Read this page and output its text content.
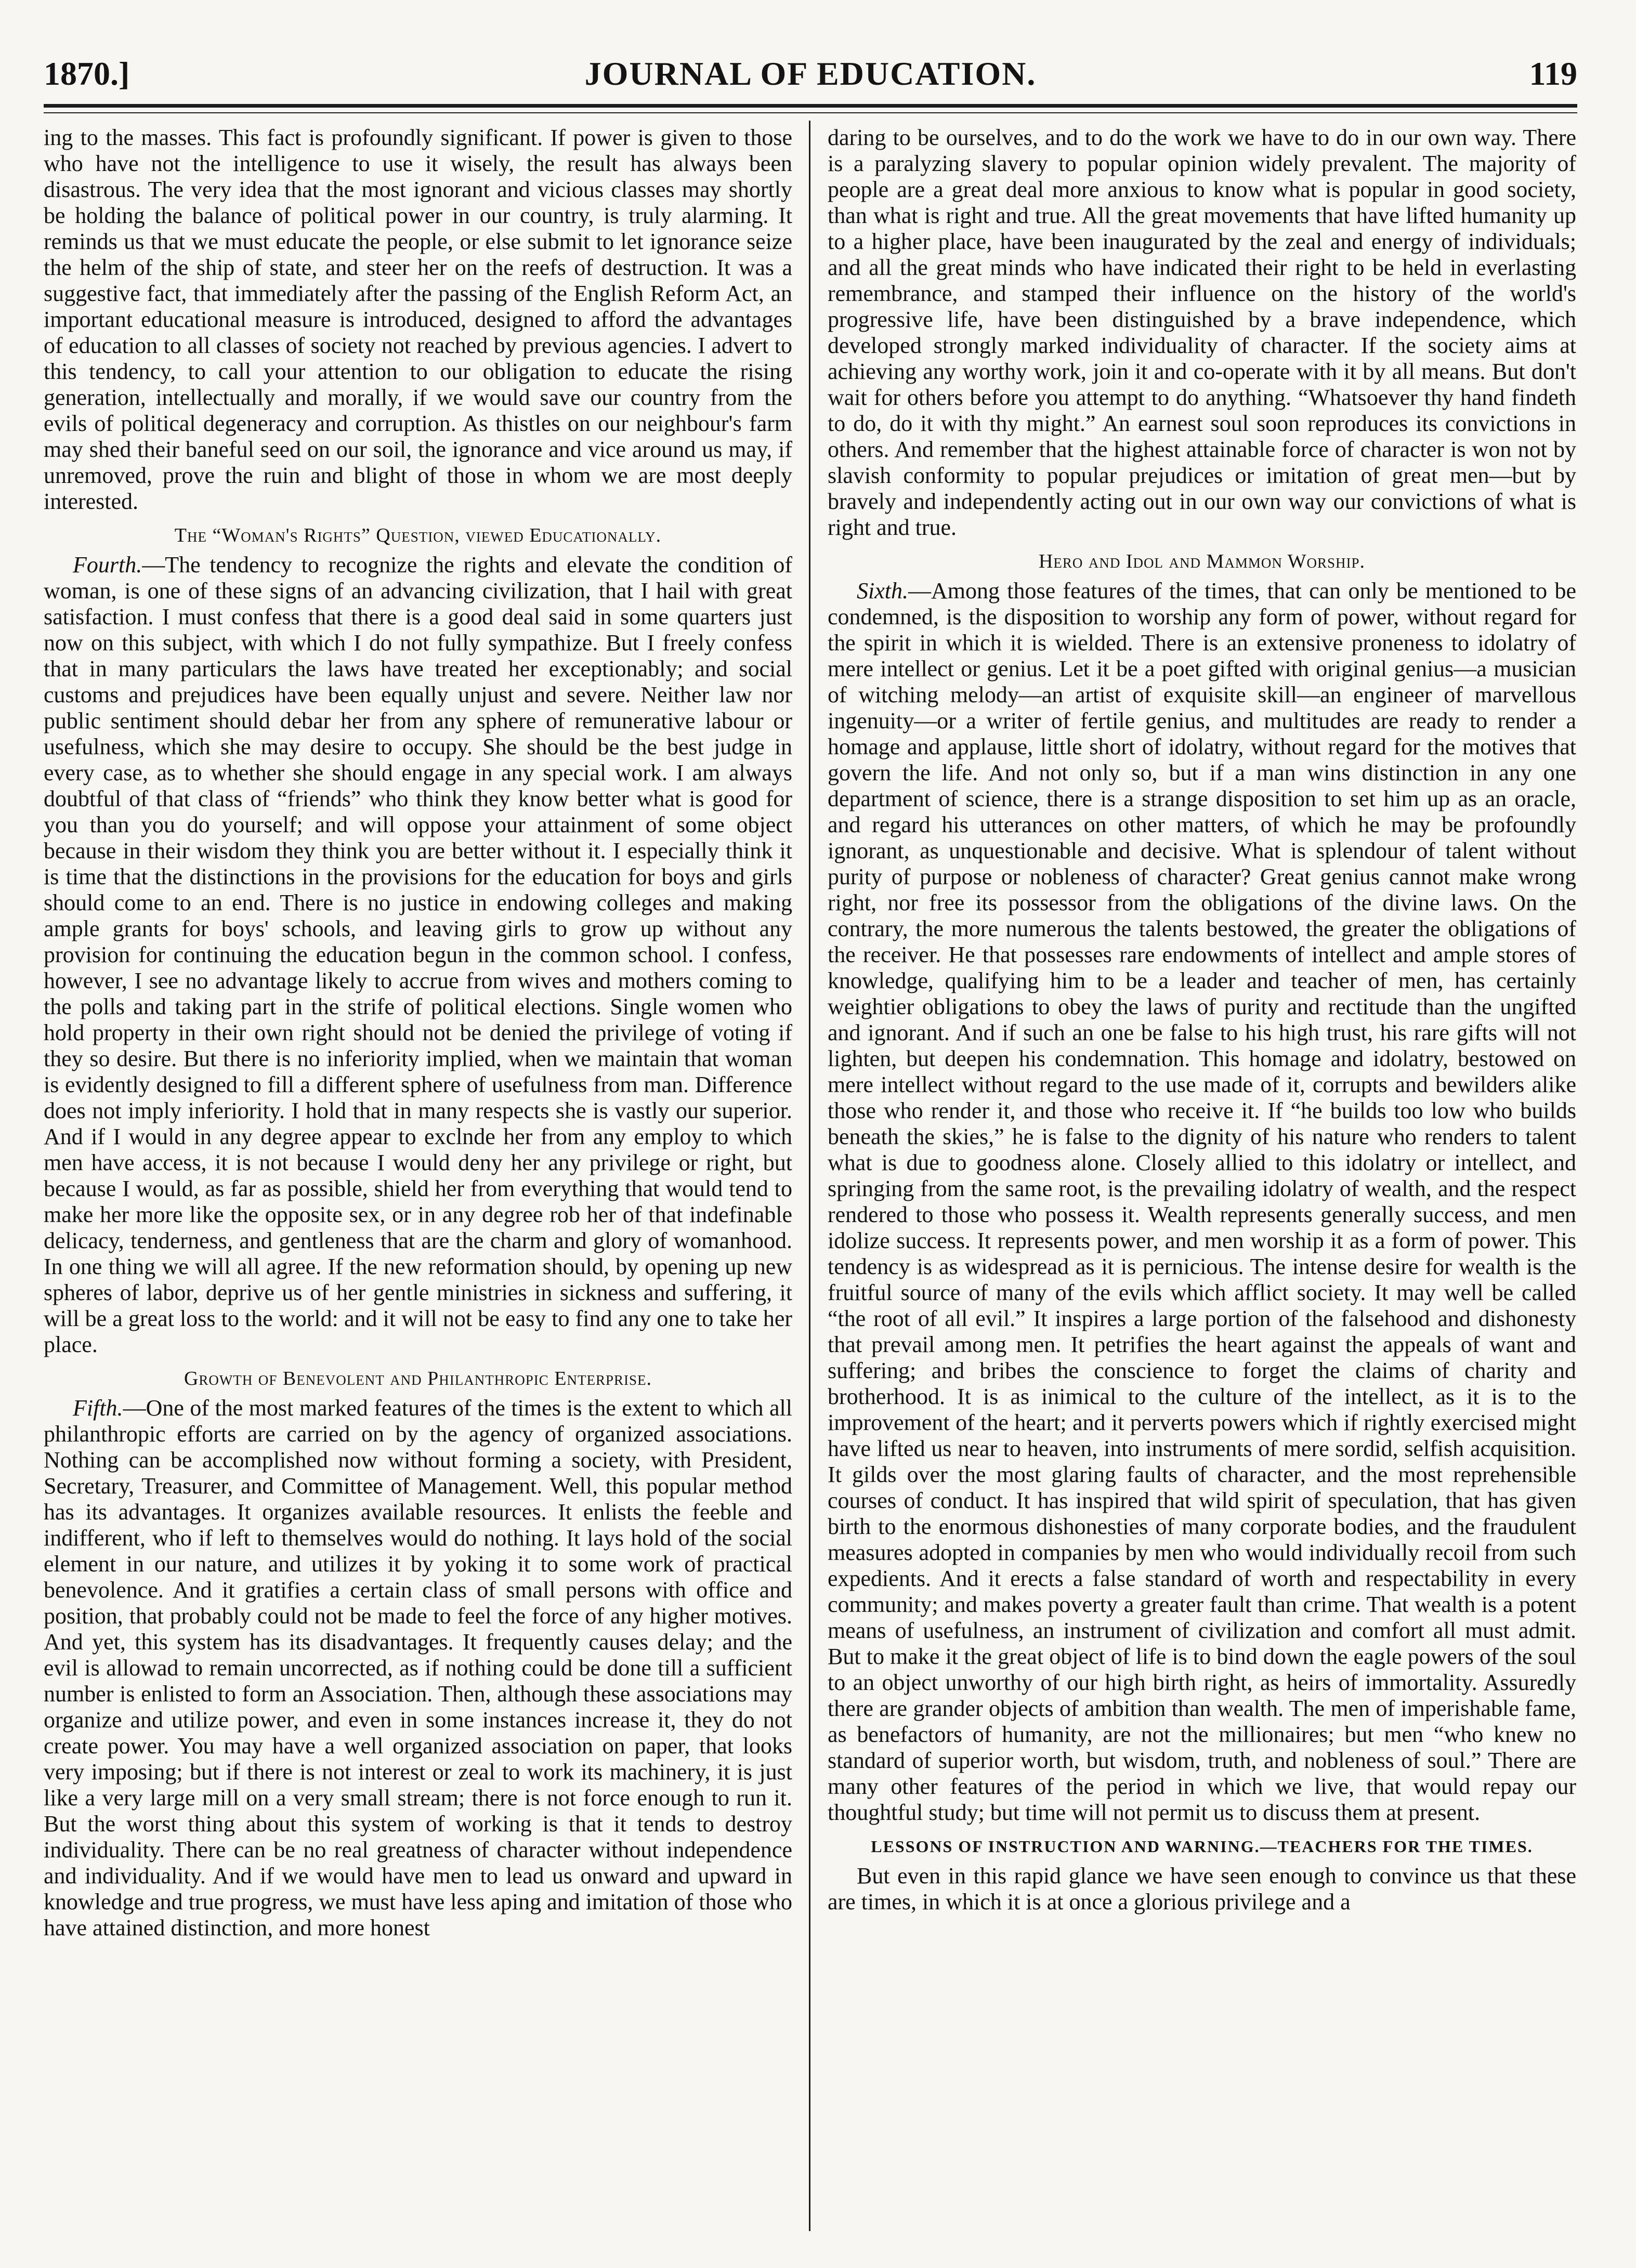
1870.]	JOURNAL OF EDUCATION.	119

ing to the masses. This fact is profoundly significant. If power is given to those who have not the intelligence to use it wisely, the result has always been disastrous. The very idea that the most ignorant and vicious classes may shortly be holding the balance of political power in our country, is truly alarming. It reminds us that we must educate the people, or else submit to let ignorance seize the helm of the ship of state, and steer her on the reefs of destruction. It was a suggestive fact, that immediately after the passing of the English Reform Act, an important educational measure is introduced, designed to afford the advantages of education to all classes of society not reached by previous agencies. I advert to this tendency, to call your attention to our obligation to educate the rising generation, intellectually and morally, if we would save our country from the evils of political degeneracy and corruption. As thistles on our neighbour's farm may shed their baneful seed on our soil, the ignorance and vice around us may, if unremoved, prove the ruin and blight of those in whom we are most deeply interested.

The “Woman's Rights” Question, viewed Educationally.

Fourth.—The tendency to recognize the rights and elevate the condition of woman, is one of these signs of an advancing civilization, that I hail with great satisfaction. I must confess that there is a good deal said in some quarters just now on this subject, with which I do not fully sympathize. But I freely confess that in many particulars the laws have treated her exceptionably; and social customs and prejudices have been equally unjust and severe. Neither law nor public sentiment should debar her from any sphere of remunerative labour or usefulness, which she may desire to occupy. She should be the best judge in every case, as to whether she should engage in any special work. I am always doubtful of that class of “friends” who think they know better what is good for you than you do yourself; and will oppose your attainment of some object because in their wisdom they think you are better without it. I especially think it is time that the distinctions in the provisions for the education for boys and girls should come to an end. There is no justice in endowing colleges and making ample grants for boys' schools, and leaving girls to grow up without any provision for continuing the education begun in the common school. I confess, however, I see no advantage likely to accrue from wives and mothers coming to the polls and taking part in the strife of political elections. Single women who hold property in their own right should not be denied the privilege of voting if they so desire. But there is no inferiority implied, when we maintain that woman is evidently designed to fill a different sphere of usefulness from man. Difference does not imply inferiority. I hold that in many respects she is vastly our superior. And if I would in any degree appear to exclnde her from any employ to which men have access, it is not because I would deny her any privilege or right, but because I would, as far as possible, shield her from everything that would tend to make her more like the opposite sex, or in any degree rob her of that indefinable delicacy, tenderness, and gentleness that are the charm and glory of womanhood. In one thing we will all agree. If the new reformation should, by opening up new spheres of labor, deprive us of her gentle ministries in sickness and suffering, it will be a great loss to the world: and it will not be easy to find any one to take her place.

Growth of Benevolent and Philanthropic Enterprise.

Fifth.—One of the most marked features of the times is the extent to which all philanthropic efforts are carried on by the agency of organized associations. Nothing can be accomplished now without forming a society, with President, Secretary, Treasurer, and Committee of Management. Well, this popular method has its advantages. It organizes available resources. It enlists the feeble and indifferent, who if left to themselves would do nothing. It lays hold of the social element in our nature, and utilizes it by yoking it to some work of practical benevolence. And it gratifies a certain class of small persons with office and position, that probably could not be made to feel the force of any higher motives. And yet, this system has its disadvantages. It frequently causes delay; and the evil is allowad to remain uncorrected, as if nothing could be done till a sufficient number is enlisted to form an Association. Then, although these associations may organize and utilize power, and even in some instances increase it, they do not create power. You may have a well organized association on paper, that looks very imposing; but if there is not interest or zeal to work its machinery, it is just like a very large mill on a very small stream; there is not force enough to run it. But the worst thing about this system of working is that it tends to destroy individuality. There can be no real greatness of character without independence and individuality. And if we would have men to lead us onward and upward in knowledge and true progress, we must have less aping and imitation of those who have attained distinction, and more honest

daring to be ourselves, and to do the work we have to do in our own way. There is a paralyzing slavery to popular opinion widely prevalent. The majority of people are a great deal more anxious to know what is popular in good society, than what is right and true. All the great movements that have lifted humanity up to a higher place, have been inaugurated by the zeal and energy of individuals; and all the great minds who have indicated their right to be held in everlasting remembrance, and stamped their influence on the history of the world's progressive life, have been distinguished by a brave independence, which developed strongly marked individuality of character. If the society aims at achieving any worthy work, join it and co-operate with it by all means. But don't wait for others before you attempt to do anything. “Whatsoever thy hand findeth to do, do it with thy might.” An earnest soul soon reproduces its convictions in others. And remember that the highest attainable force of character is won not by slavish conformity to popular prejudices or imitation of great men—but by bravely and independently acting out in our own way our convictions of what is right and true.

Hero and Idol and Mammon Worship.

Sixth.—Among those features of the times, that can only be mentioned to be condemned, is the disposition to worship any form of power, without regard for the spirit in which it is wielded. There is an extensive proneness to idolatry of mere intellect or genius. Let it be a poet gifted with original genius—a musician of witching melody—an artist of exquisite skill—an engineer of marvellous ingenuity—or a writer of fertile genius, and multitudes are ready to render a homage and applause, little short of idolatry, without regard for the motives that govern the life. And not only so, but if a man wins distinction in any one department of science, there is a strange disposition to set him up as an oracle, and regard his utterances on other matters, of which he may be profoundly ignorant, as unquestionable and decisive. What is splendour of talent without purity of purpose or nobleness of character? Great genius cannot make wrong right, nor free its possessor from the obligations of the divine laws. On the contrary, the more numerous the talents bestowed, the greater the obligations of the receiver. He that possesses rare endowments of intellect and ample stores of knowledge, qualifying him to be a leader and teacher of men, has certainly weightier obligations to obey the laws of purity and rectitude than the ungifted and ignorant. And if such an one be false to his high trust, his rare gifts will not lighten, but deepen his condemnation. This homage and idolatry, bestowed on mere intellect without regard to the use made of it, corrupts and bewilders alike those who render it, and those who receive it. If “he builds too low who builds beneath the skies,” he is false to the dignity of his nature who renders to talent what is due to goodness alone. Closely allied to this idolatry or intellect, and springing from the same root, is the prevailing idolatry of wealth, and the respect rendered to those who possess it. Wealth represents generally success, and men idolize success. It represents power, and men worship it as a form of power. This tendency is as widespread as it is pernicious. The intense desire for wealth is the fruitful source of many of the evils which afflict society. It may well be called “the root of all evil.” It inspires a large portion of the falsehood and dishonesty that prevail among men. It petrifies the heart against the appeals of want and suffering; and bribes the conscience to forget the claims of charity and brotherhood. It is as inimical to the culture of the intellect, as it is to the improvement of the heart; and it perverts powers which if rightly exercised might have lifted us near to heaven, into instruments of mere sordid, selfish acquisition. It gilds over the most glaring faults of character, and the most reprehensible courses of conduct. It has inspired that wild spirit of speculation, that has given birth to the enormous dishonesties of many corporate bodies, and the fraudulent measures adopted in companies by men who would individually recoil from such expedients. And it erects a false standard of worth and respectability in every community; and makes poverty a greater fault than crime. That wealth is a potent means of usefulness, an instrument of civilization and comfort all must admit. But to make it the great object of life is to bind down the eagle powers of the soul to an object unworthy of our high birth right, as heirs of immortality. Assuredly there are grander objects of ambition than wealth. The men of imperishable fame, as benefactors of humanity, are not the millionaires; but men “who knew no standard of superior worth, but wisdom, truth, and nobleness of soul.” There are many other features of the period in which we live, that would repay our thoughtful study; but time will not permit us to discuss them at present.

LESSONS OF INSTRUCTION AND WARNING.—TEACHERS FOR THE TIMES.

But even in this rapid glance we have seen enough to convince us that these are times, in which it is at once a glorious privilege and a
